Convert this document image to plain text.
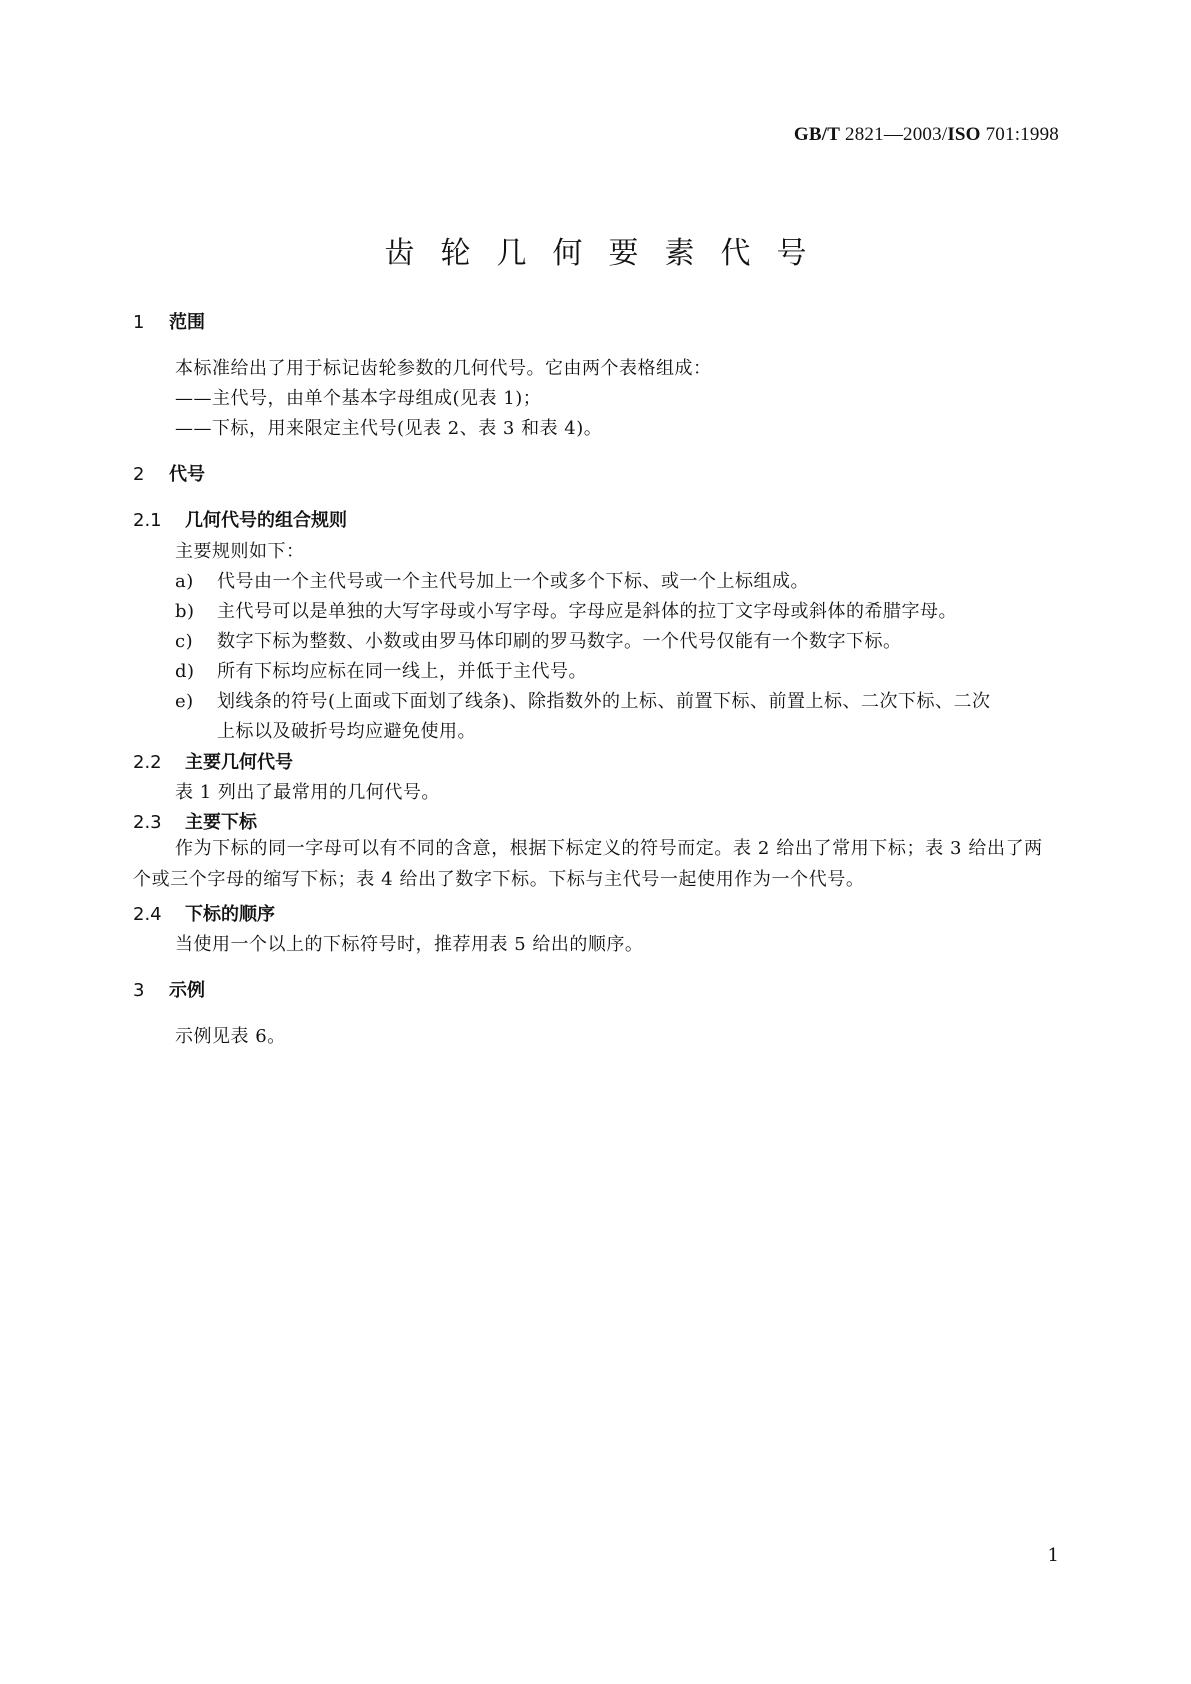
GB/T 2821—2003/ISO 701:1998
齿轮几何要素代号
1 范围
本标准给出了用于标记齿轮参数的几何代号。它由两个表格组成：
——主代号，由单个基本字母组成(见表 1)；
——下标，用来限定主代号(见表 2、表 3 和表 4)。
2 代号
2.1 几何代号的组合规则
主要规则如下：
a) 代号由一个主代号或一个主代号加上一个或多个下标、或一个上标组成。
b) 主代号可以是单独的大写字母或小写字母。字母应是斜体的拉丁文字母或斜体的希腊字母。
c) 数字下标为整数、小数或由罗马体印刷的罗马数字。一个代号仅能有一个数字下标。
d) 所有下标均应标在同一线上，并低于主代号。
e) 划线条的符号(上面或下面划了线条)、除指数外的上标、前置下标、前置上标、二次下标、二次
上标以及破折号均应避免使用。
2.2 主要几何代号
表 1 列出了最常用的几何代号。
2.3 主要下标
作为下标的同一字母可以有不同的含意，根据下标定义的符号而定。表 2 给出了常用下标；表 3 给出了两个或三个字母的缩写下标；表 4 给出了数字下标。下标与主代号一起使用作为一个代号。
2.4 下标的顺序
当使用一个以上的下标符号时，推荐用表 5 给出的顺序。
3 示例
示例见表 6。
1
